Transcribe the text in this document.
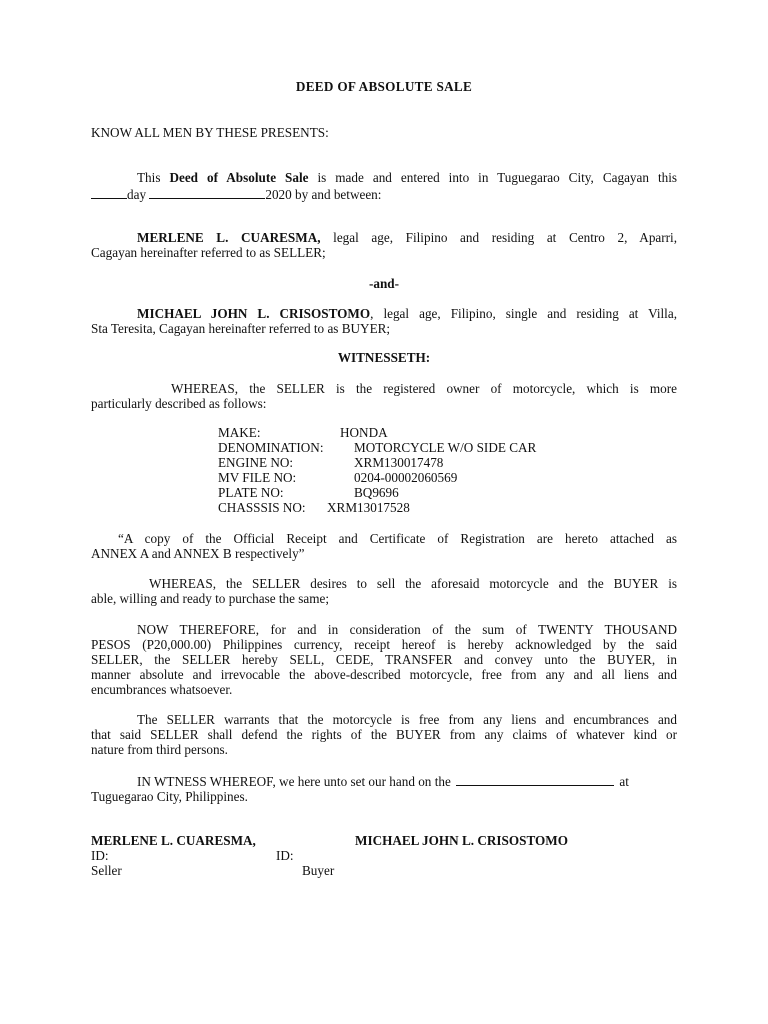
DEED OF ABSOLUTE SALE
KNOW ALL MEN BY THESE PRESENTS:
This Deed of Absolute Sale is made and entered into in Tuguegarao City, Cagayan this
day	2020 by and between:
MERLENE L. CUARESMA, legal age, Filipino and residing at Centro 2, Aparri,
Cagayan hereinafter referred to as SELLER;
-and-
MICHAEL JOHN L. CRISOSTOMO, legal age, Filipino, single and residing at Villa,
Sta Teresita, Cagayan hereinafter referred to as BUYER;
WITNESSETH:
WHEREAS, the SELLER is the registered owner of motorcycle, which is more
particularly described as follows:
MAKE:	HONDA
DENOMINATION: MOTORCYCLE W/O SIDE CAR
ENGINE NO:	XRM130017478
MV FILE NO:	0204-00002060569
PLATE NO:	BQ9696
CHASSSIS NO: XRM13017528
“A copy of the Official Receipt and Certificate of Registration are hereto attached as
ANNEX A and ANNEX B respectively”
WHEREAS, the SELLER desires to sell the aforesaid motorcycle and the BUYER is
able, willing and ready to purchase the same;
NOW THEREFORE, for and in consideration of the sum of TWENTY THOUSAND
PESOS (P20,000.00) Philippines currency, receipt hereof is hereby acknowledged by the said
SELLER, the SELLER hereby SELL, CEDE, TRANSFER and convey unto the BUYER, in
manner absolute and irrevocable the above-described motorcycle, free from any and all liens and
encumbrances whatsoever.
The SELLER warrants that the motorcycle is free from any liens and encumbrances and
that said SELLER shall defend the rights of the BUYER from any claims of whatever kind or
nature from third persons.
IN WTNESS WHEREOF, we here unto set our hand on the	at
Tuguegarao City, Philippines.
MERLENE L. CUARESMA,	MICHAEL JOHN L. CRISOSTOMO
ID:	ID:
Seller	Buyer
